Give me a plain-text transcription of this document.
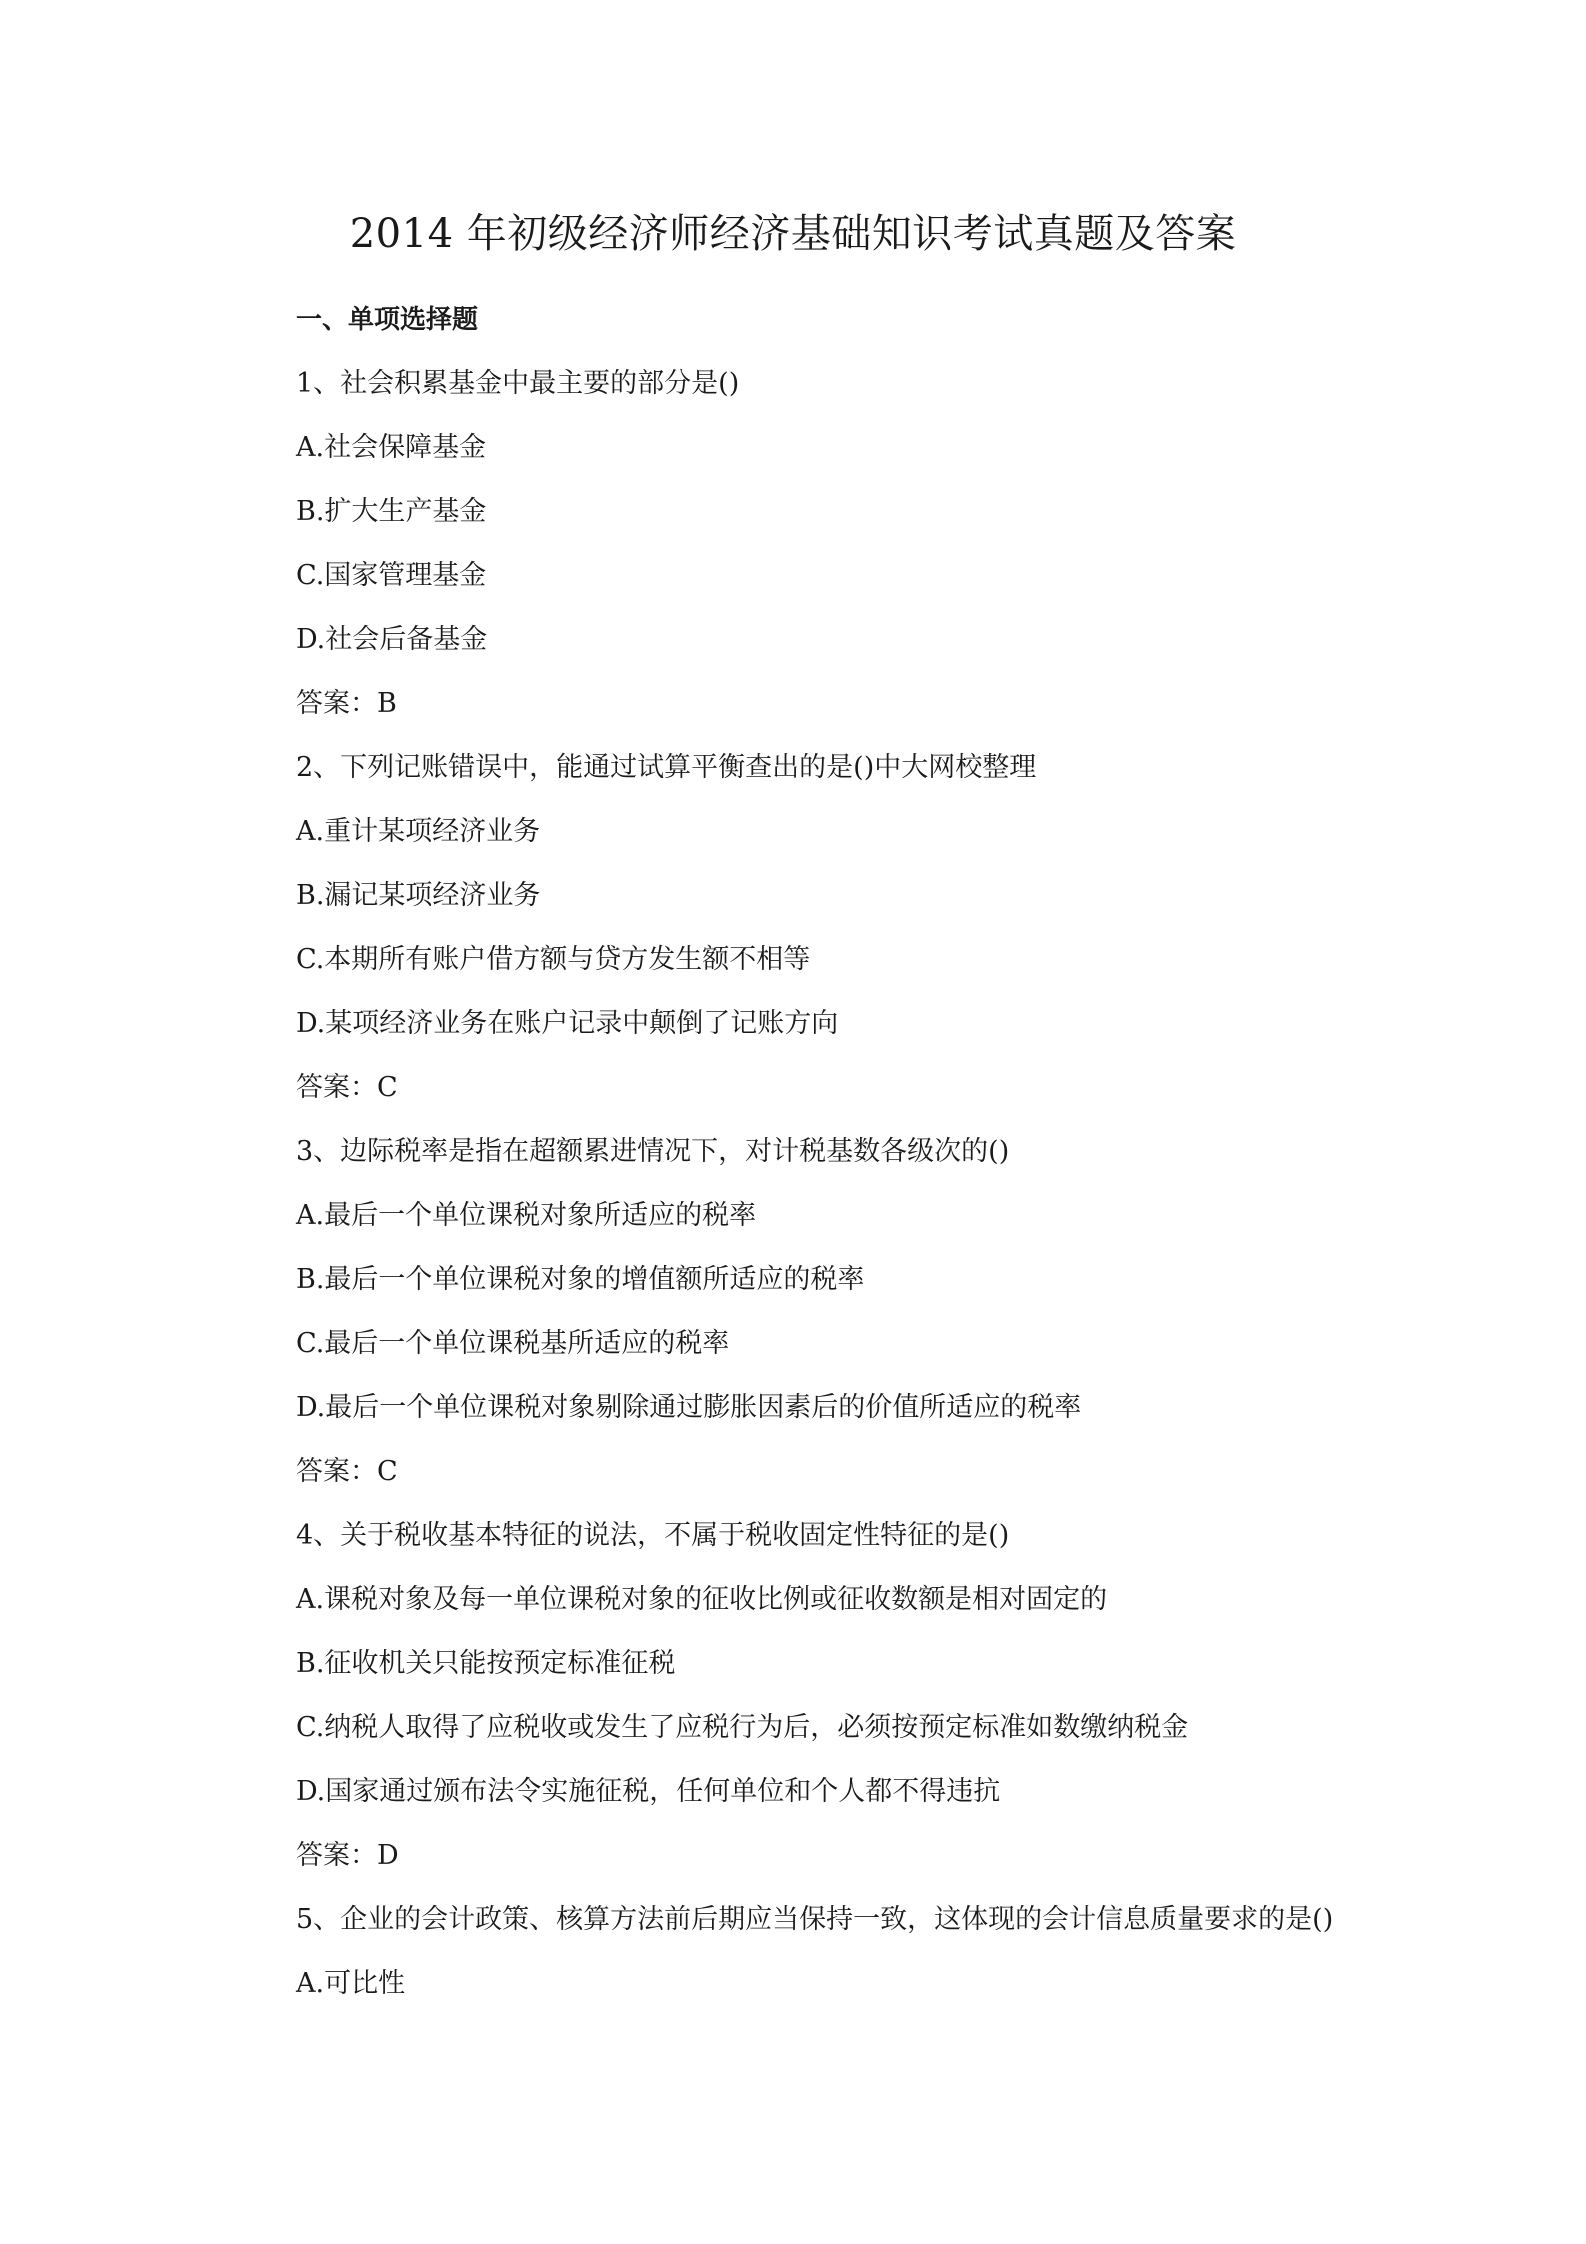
2014 年初级经济师经济基础知识考试真题及答案
一、单项选择题
1、社会积累基金中最主要的部分是()
A.社会保障基金
B.扩大生产基金
C.国家管理基金
D.社会后备基金
答案：B
2、下列记账错误中，能通过试算平衡查出的是()中大网校整理
A.重计某项经济业务
B.漏记某项经济业务
C.本期所有账户借方额与贷方发生额不相等
D.某项经济业务在账户记录中颠倒了记账方向
答案：C
3、边际税率是指在超额累进情况下，对计税基数各级次的()
A.最后一个单位课税对象所适应的税率
B.最后一个单位课税对象的增值额所适应的税率
C.最后一个单位课税基所适应的税率
D.最后一个单位课税对象剔除通过膨胀因素后的价值所适应的税率
答案：C
4、关于税收基本特征的说法，不属于税收固定性特征的是()
A.课税对象及每一单位课税对象的征收比例或征收数额是相对固定的
B.征收机关只能按预定标准征税
C.纳税人取得了应税收或发生了应税行为后，必须按预定标准如数缴纳税金
D.国家通过颁布法令实施征税，任何单位和个人都不得违抗
答案：D
5、企业的会计政策、核算方法前后期应当保持一致，这体现的会计信息质量要求的是()
A.可比性
